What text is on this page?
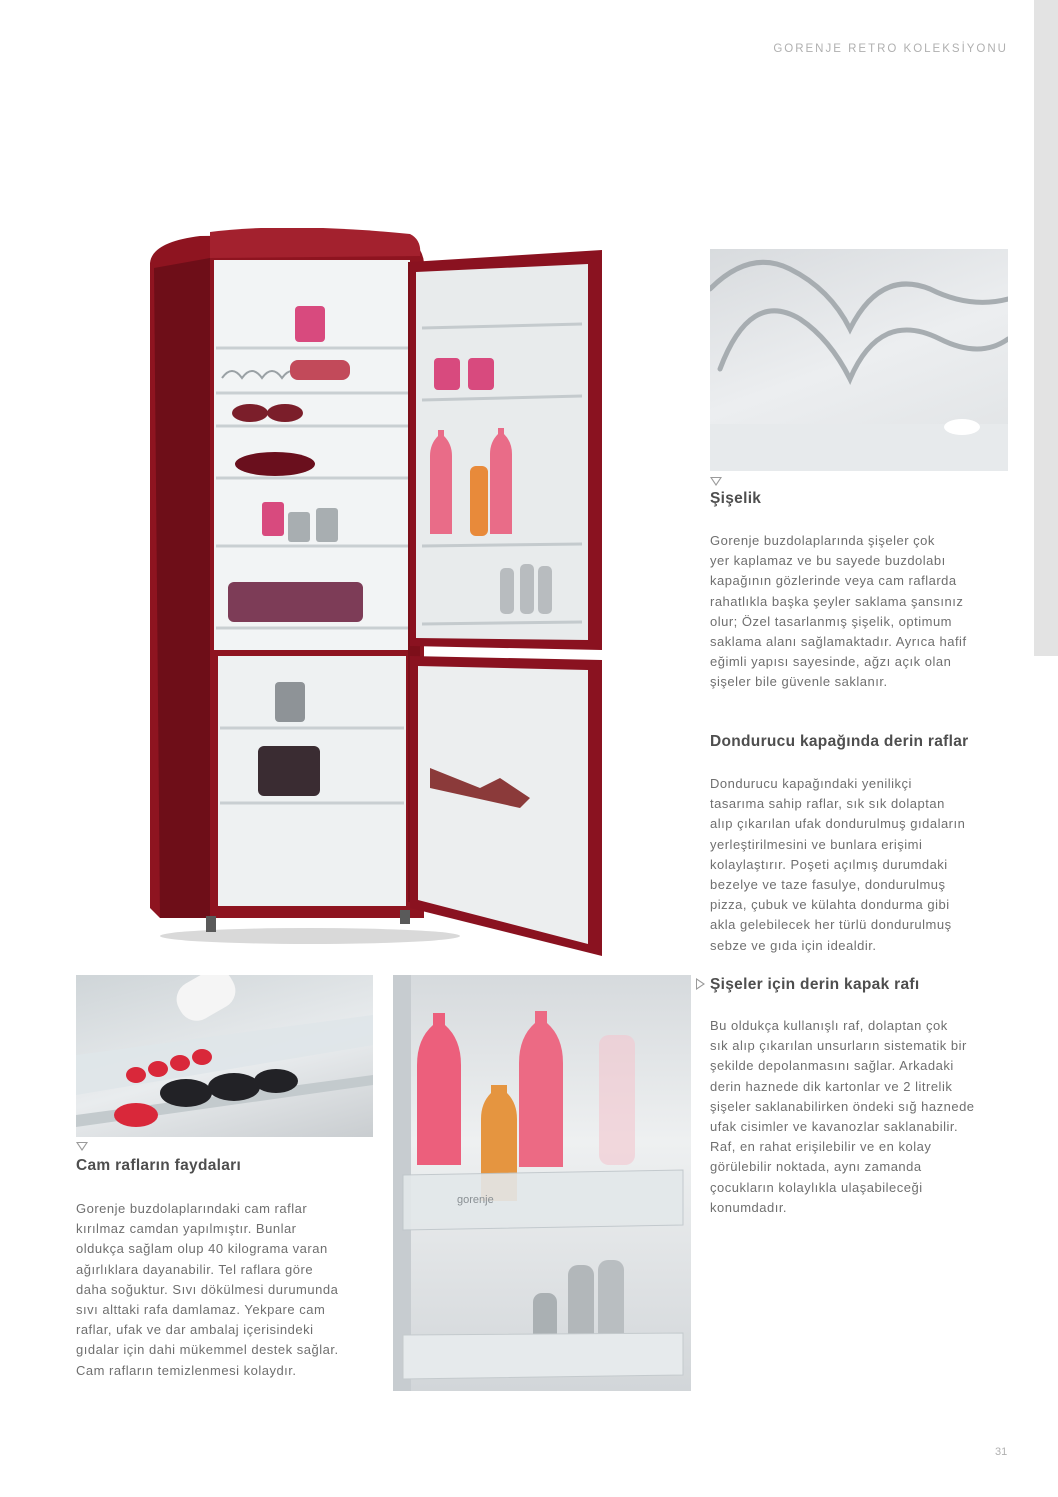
GORENJE RETRO KOLEKSİYONU
Şişelik
Gorenje buzdolaplarında şişeler çok
yer kaplamaz ve bu sayede buzdolabı
kapağının gözlerinde veya cam raflarda
rahatlıkla başka şeyler saklama şansınız
olur; Özel tasarlanmış şişelik, optimum
saklama alanı sağlamaktadır. Ayrıca hafif
eğimli yapısı sayesinde, ağzı açık olan
şişeler bile güvenle saklanır.
Dondurucu kapağında derin raflar
Dondurucu kapağındaki yenilikçi
tasarıma sahip raflar, sık sık dolaptan
alıp çıkarılan ufak dondurulmuş gıdaların
yerleştirilmesini ve bunlara erişimi
kolaylaştırır. Poşeti açılmış durumdaki
bezelye ve taze fasulye, dondurulmuş
pizza, çubuk ve külahta dondurma gibi
akla gelebilecek her türlü dondurulmuş
sebze ve gıda için idealdir.
Şişeler için derin kapak rafı
Bu oldukça kullanışlı raf, dolaptan çok
sık alıp çıkarılan unsurların sistematik bir
şekilde depolanmasını sağlar. Arkadaki
derin haznede dik kartonlar ve 2 litrelik
şişeler saklanabilirken öndeki sığ haznede
ufak cisimler ve kavanozlar saklanabilir.
Raf, en rahat erişilebilir ve en kolay
görülebilir noktada, aynı zamanda
çocukların kolaylıkla ulaşabileceği
konumdadır.
Cam rafların faydaları
Gorenje buzdolaplarındaki cam raflar
kırılmaz camdan yapılmıştır. Bunlar
oldukça sağlam olup 40 kilograma varan
ağırlıklara dayanabilir. Tel raflara göre
daha soğuktur. Sıvı dökülmesi durumunda
sıvı alttaki rafa damlamaz. Yekpare cam
raflar, ufak ve dar ambalaj içerisindeki
gıdalar için dahi mükemmel destek sağlar.
Cam rafların temizlenmesi kolaydır.
gorenje
31
